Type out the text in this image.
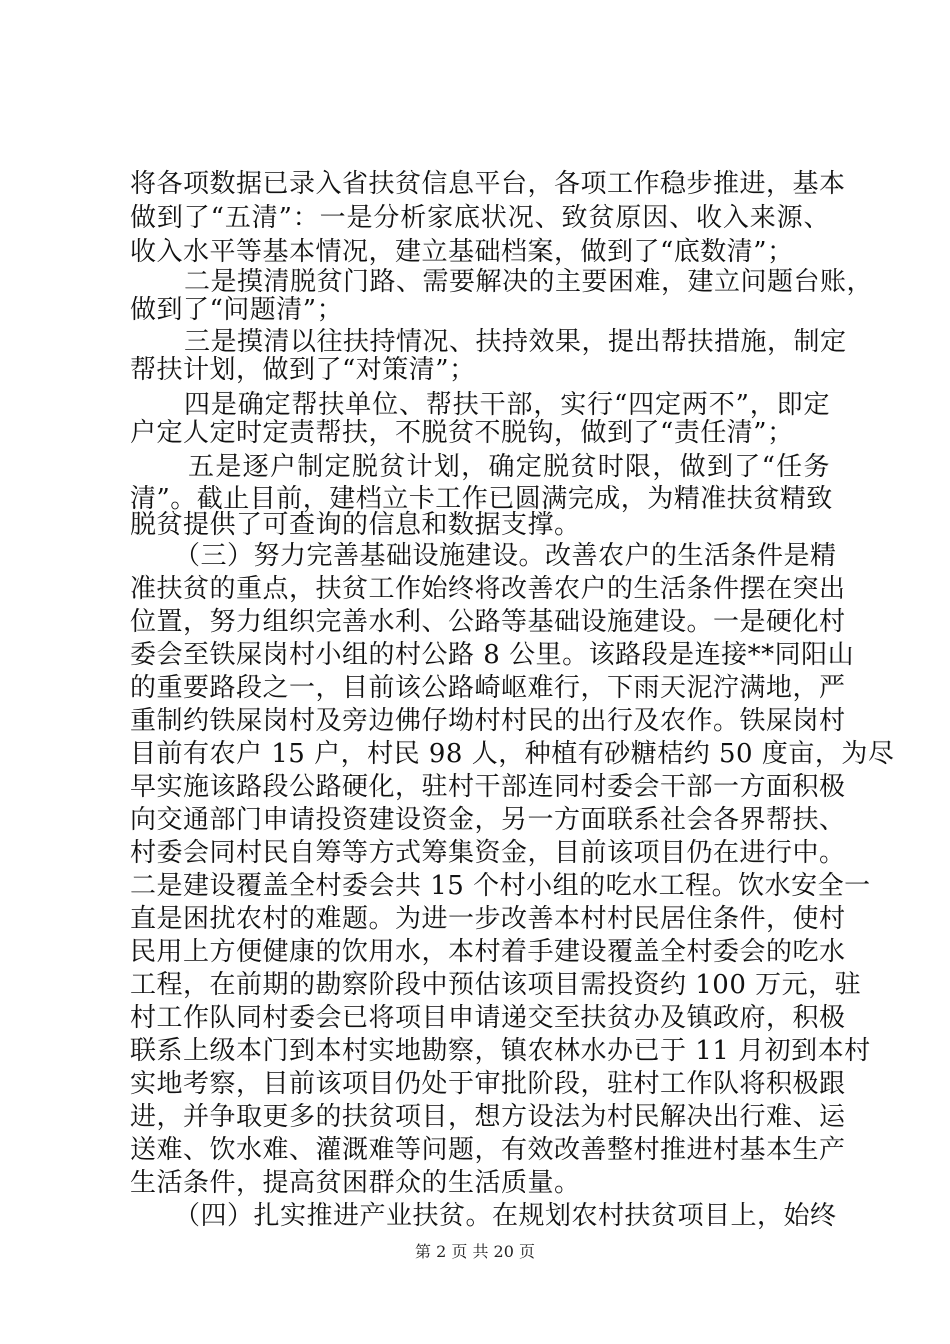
将各项数据已录入省扶贫信息平台，各项工作稳步推进，基本
做到了“五清”：一是分析家底状况、致贫原因、收入来源、
收入水平等基本情况，建立基础档案，做到了“底数清”；
二是摸清脱贫门路、需要解决的主要困难，建立问题台账，
做到了“问题清”；
三是摸清以往扶持情况、扶持效果，提出帮扶措施，制定
帮扶计划，做到了“对策清”；
四是确定帮扶单位、帮扶干部，实行“四定两不”，即定
户定人定时定责帮扶，不脱贫不脱钩，做到了“责任清”；
五是逐户制定脱贫计划，确定脱贫时限，做到了“任务
清”。截止目前，建档立卡工作已圆满完成，为精准扶贫精致
脱贫提供了可查询的信息和数据支撑。
（三）努力完善基础设施建设。改善农户的生活条件是精
准扶贫的重点，扶贫工作始终将改善农户的生活条件摆在突出
位置，努力组织完善水利、公路等基础设施建设。一是硬化村
委会至铁屎岗村小组的村公路 8 公里。该路段是连接**同阳山
的重要路段之一，目前该公路崎岖难行，下雨天泥泞满地，严
重制约铁屎岗村及旁边佛仔坳村村民的出行及农作。铁屎岗村
目前有农户 15 户，村民 98 人，种植有砂糖桔约 50 度亩，为尽
早实施该路段公路硬化，驻村干部连同村委会干部一方面积极
向交通部门申请投资建设资金，另一方面联系社会各界帮扶、
村委会同村民自筹等方式筹集资金，目前该项目仍在进行中。
二是建设覆盖全村委会共 15 个村小组的吃水工程。饮水安全一
直是困扰农村的难题。为进一步改善本村村民居住条件，使村
民用上方便健康的饮用水，本村着手建设覆盖全村委会的吃水
工程，在前期的勘察阶段中预估该项目需投资约 100 万元，驻
村工作队同村委会已将项目申请递交至扶贫办及镇政府，积极
联系上级本门到本村实地勘察，镇农林水办已于 11 月初到本村
实地考察，目前该项目仍处于审批阶段，驻村工作队将积极跟
进，并争取更多的扶贫项目，想方设法为村民解决出行难、运
送难、饮水难、灌溉难等问题，有效改善整村推进村基本生产
生活条件，提高贫困群众的生活质量。
（四）扎实推进产业扶贫。在规划农村扶贫项目上，始终
第 2 页 共 20 页
